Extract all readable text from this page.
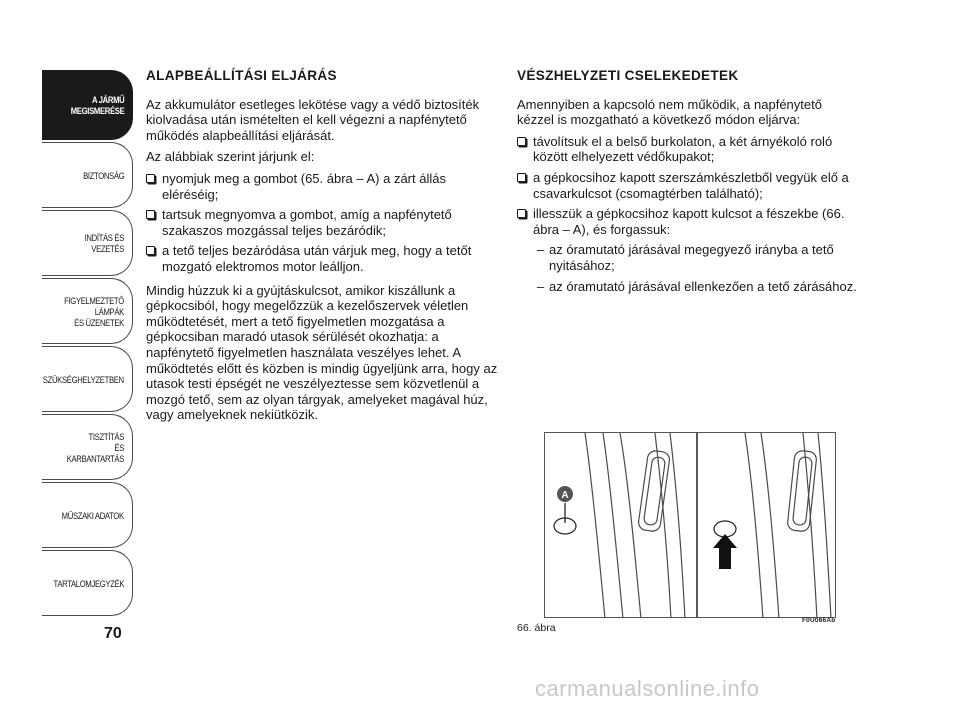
A JÁRMŰ
MEGISMERÉSE
BIZTONSÁG
INDÍTÁS ÉS VEZETÉS
FIGYELMEZTETŐ
LÁMPÁK
ÉS ÜZENETEK
SZÜKSÉGHELYZETBEN
TISZTÍTÁS
ÉS KARBANTARTÁS
MŰSZAKI ADATOK
TARTALOMJEGYZÉK
70
ALAPBEÁLLÍTÁSI ELJÁRÁS

Az akkumulátor esetleges lekötése vagy a védő biztosíték kiolvadása után ismételten el kell végezni a napfénytető működés alapbeállítási eljárását.

Az alábbiak szerint járjunk el:

nyomjuk meg a gombot (65. ábra – A) a zárt állás eléréséig;
tartsuk megnyomva a gombot, amíg a napfénytető szakaszos mozgással teljes bezáródik;
a tető teljes bezáródása után várjuk meg, hogy a tetőt mozgató elektromos motor leálljon.

Mindig húzzuk ki a gyújtáskulcsot, amikor kiszállunk a gépkocsiból, hogy megelőzzük a kezelőszervek véletlen működtetését, mert a tető figyelmetlen mozgatása a gépkocsiban maradó utasok sérülését okozhatja: a napfénytető figyelmetlen használata veszélyes lehet. A működtetés előtt és közben is mindig ügyeljünk arra, hogy az utasok testi épségét ne veszélyeztesse sem közvetlenül a mozgó tető, sem az olyan tárgyak, amelyeket magával húz, vagy amelyeknek nekiütközik.

VÉSZHELYZETI CSELEKEDETEK

Amennyiben a kapcsoló nem működik, a napfénytető kézzel is mozgatható a következő módon eljárva:

távolítsuk el a belső burkolaton, a két árnyékoló roló között elhelyezett védőkupakot;
a gépkocsihoz kapott szerszámkészletből vegyük elő a csavarkulcsot (csomagtérben található);
illesszük a gépkocsihoz kapott kulcsot a fészekbe (66. ábra – A), és forgassuk:
– az óramutató járásával megegyező irányba a tető nyitásához;
– az óramutató járásával ellenkezően a tető zárásához.
A
66. ábra
F0U066Ab
carmanualsonline.info
